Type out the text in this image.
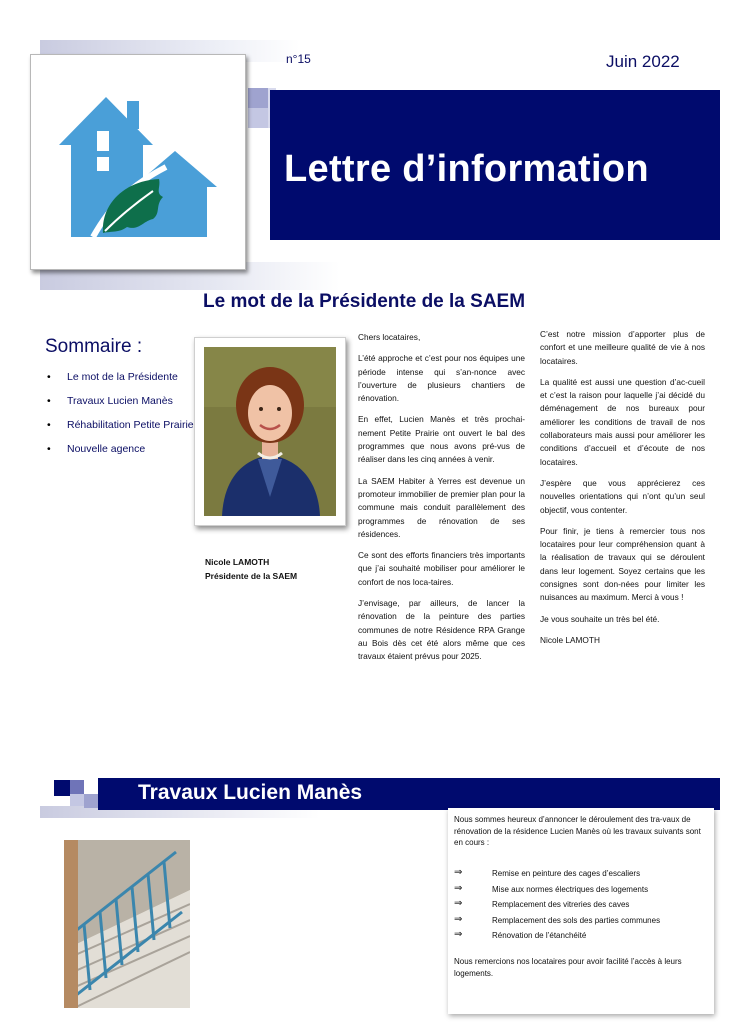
n°15	Juin 2022
Lettre d’information
Le mot de la Présidente de la SAEM
Sommaire :
• Le mot de la Présidente
• Travaux Lucien Manès
• Réhabilitation Petite Prairie
• Nouvelle agence
Nicole LAMOTH
Présidente de la SAEM

Chers locataires,

L’été approche et c’est pour nos équipes une période intense qui s’an-nonce avec l’ouverture de plusieurs chantiers de rénovation.

En effet, Lucien Manès et très prochai-nement Petite Prairie ont ouvert le bal des programmes que nous avons pré-vus de réaliser dans les cinq années à venir.

La SAEM Habiter à Yerres est devenue un promoteur immobilier de premier plan pour la commune mais conduit parallèlement des programmes de rénovation de ses résidences.

Ce sont des efforts financiers très importants que j’ai souhaité mobiliser pour améliorer le confort de nos loca-taires.

J’envisage, par ailleurs, de lancer la rénovation de la peinture des parties communes de notre Résidence RPA Grange au Bois dès cet été alors même que ces travaux étaient prévus pour 2025.

C’est notre mission d’apporter plus de confort et une meilleure qualité de vie à nos locataires.

La qualité est aussi une question d’ac-cueil et c’est la raison pour laquelle j’ai décidé du déménagement de nos bureaux pour améliorer les conditions de travail de nos collaborateurs mais aussi pour améliorer les conditions d’accueil et d’écoute de nos locataires.

J’espère que vous apprécierez ces nouvelles orientations qui n’ont qu’un seul objectif, vous contenter.

Pour finir, je tiens à remercier tous nos locataires pour leur compréhension quant à la réalisation de travaux qui se déroulent dans leur logement. Soyez certains que les consignes sont don-nées pour limiter les nuisances au maximum. Merci à vous !

Je vous souhaite un très bel été.

Nicole LAMOTH

Travaux Lucien Manès
Nous sommes heureux d’annoncer le déroulement des tra-vaux de rénovation de la résidence Lucien Manès où les travaux suivants sont en cours :
⇒	Remise en peinture des cages d’escaliers
⇒	Mise aux normes électriques des logements
⇒	Remplacement des vitreries des caves
⇒	Remplacement des sols des parties communes
⇒	Rénovation de l’étanchéité
Nous remercions nos locataires pour avoir facilité l’accès à leurs logements.
